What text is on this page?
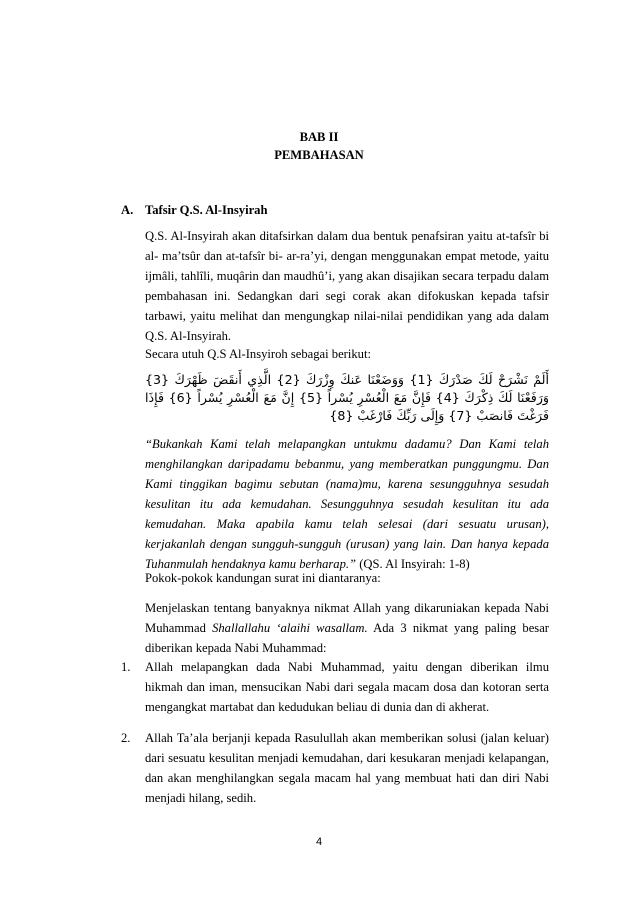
BAB II
PEMBAHASAN
A. Tafsir Q.S. Al-Insyirah
Q.S. Al-Insyirah akan ditafsirkan dalam dua bentuk penafsiran yaitu at-tafsîr bi al- ma’tsûr dan at-tafsîr bi- ar-ra’yi, dengan menggunakan empat metode, yaitu ijmâli, tahlîli, muqârin dan maudhû’i, yang akan disajikan secara terpadu dalam pembahasan ini. Sedangkan dari segi corak akan difokuskan kepada tafsir tarbawi, yaitu melihat dan mengungkap nilai-nilai pendidikan yang ada dalam Q.S. Al-Insyirah.
Secara utuh Q.S Al-Insyiroh sebagai berikut:
أَلَمْ نَشْرَحْ لَكَ صَدْرَكَ {1} وَوَضَعْنَا عَنكَ وِزْرَكَ {2} الَّذِي أَنقَضَ ظَهْرَكَ {3} وَرَفَعْنَا لَكَ ذِكْرَكَ {4} فَإِنَّ مَعَ الْعُسْرِ يُسْراً {5} إِنَّ مَعَ الْعُسْرِ يُسْراً {6} فَإِذَا فَرَغْتَ فَانصَبْ {7} وَإِلَى رَبِّكَ فَارْغَبْ {8}
“Bukankah Kami telah melapangkan untukmu dadamu? Dan Kami telah menghilangkan daripadamu bebanmu, yang memberatkan punggungmu. Dan Kami tinggikan bagimu sebutan (nama)mu, karena sesungguhnya sesudah kesulitan itu ada kemudahan. Sesungguhnya sesudah kesulitan itu ada kemudahan. Maka apabila kamu telah selesai (dari sesuatu urusan), kerjakanlah dengan sungguh-sungguh (urusan) yang lain. Dan hanya kepada Tuhanmulah hendaknya kamu berharap.” (QS. Al Insyirah: 1-8)
Pokok-pokok kandungan surat ini diantaranya:
Menjelaskan tentang banyaknya nikmat Allah yang dikaruniakan kepada Nabi Muhammad Shallallahu ‘alaihi wasallam. Ada 3 nikmat yang paling besar diberikan kepada Nabi Muhammad:
1.	Allah melapangkan dada Nabi Muhammad, yaitu dengan diberikan ilmu hikmah dan iman, mensucikan Nabi dari segala macam dosa dan kotoran serta mengangkat martabat dan kedudukan beliau di dunia dan di akherat.
2.	Allah Ta’ala berjanji kepada Rasulullah akan memberikan solusi (jalan keluar) dari sesuatu kesulitan menjadi kemudahan, dari kesukaran menjadi kelapangan, dan akan menghilangkan segala macam hal yang membuat hati dan diri Nabi menjadi hilang, sedih.
4
